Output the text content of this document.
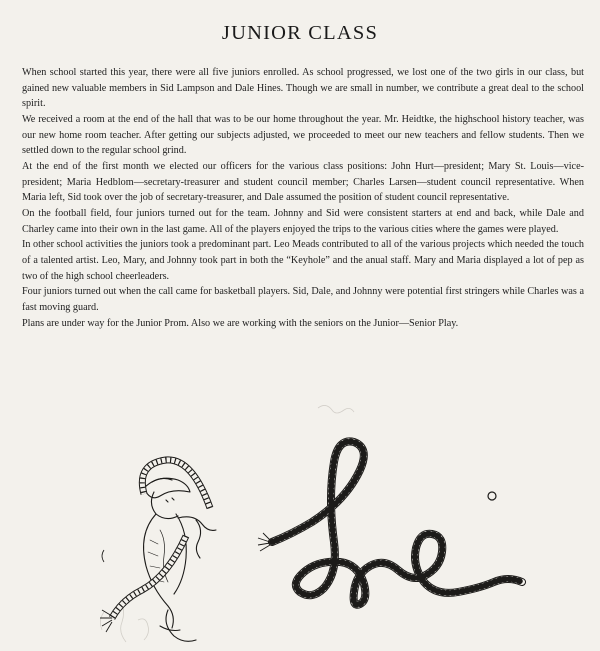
JUNIOR CLASS

When school started this year, there were all five juniors enrolled. As school progressed, we lost one of the two girls in our class, but gained new valuable members in Sid Lampson and Dale Hines. Though we are small in number, we contribute a great deal to the school spirit.

We received a room at the end of the hall that was to be our home throughout the year. Mr. Heidtke, the highschool history teacher, was our new home room teacher. After getting our subjects adjusted, we proceeded to meet our new teachers and fellow students. Then we settled down to the regular school grind.

At the end of the first month we elected our officers for the various class positions: John Hurt—president; Mary St. Louis—vice-president; Maria Hedblom—secretary-treasurer and student council member; Charles Larsen—student council representative. When Maria left, Sid took over the job of secretary-treasurer, and Dale assumed the position of student council representative.

On the football field, four juniors turned out for the team. Johnny and Sid were consistent starters at end and back, while Dale and Charley came into their own in the last game. All of the players enjoyed the trips to the various cities where the games were played.

In other school activities the juniors took a predominant part. Leo Meads contributed to all of the various projects which needed the touch of a talented artist. Leo, Mary, and Johnny took part in both the “Keyhole” and the anual staff. Mary and Maria displayed a lot of pep as two of the high school cheerleaders.

Four juniors turned out when the call came for basketball players. Sid, Dale, and Johnny were potential first stringers while Charles was a fast moving guard.

Plans are under way for the Junior Prom. Also we are working with the seniors on the Junior—Senior Play.
